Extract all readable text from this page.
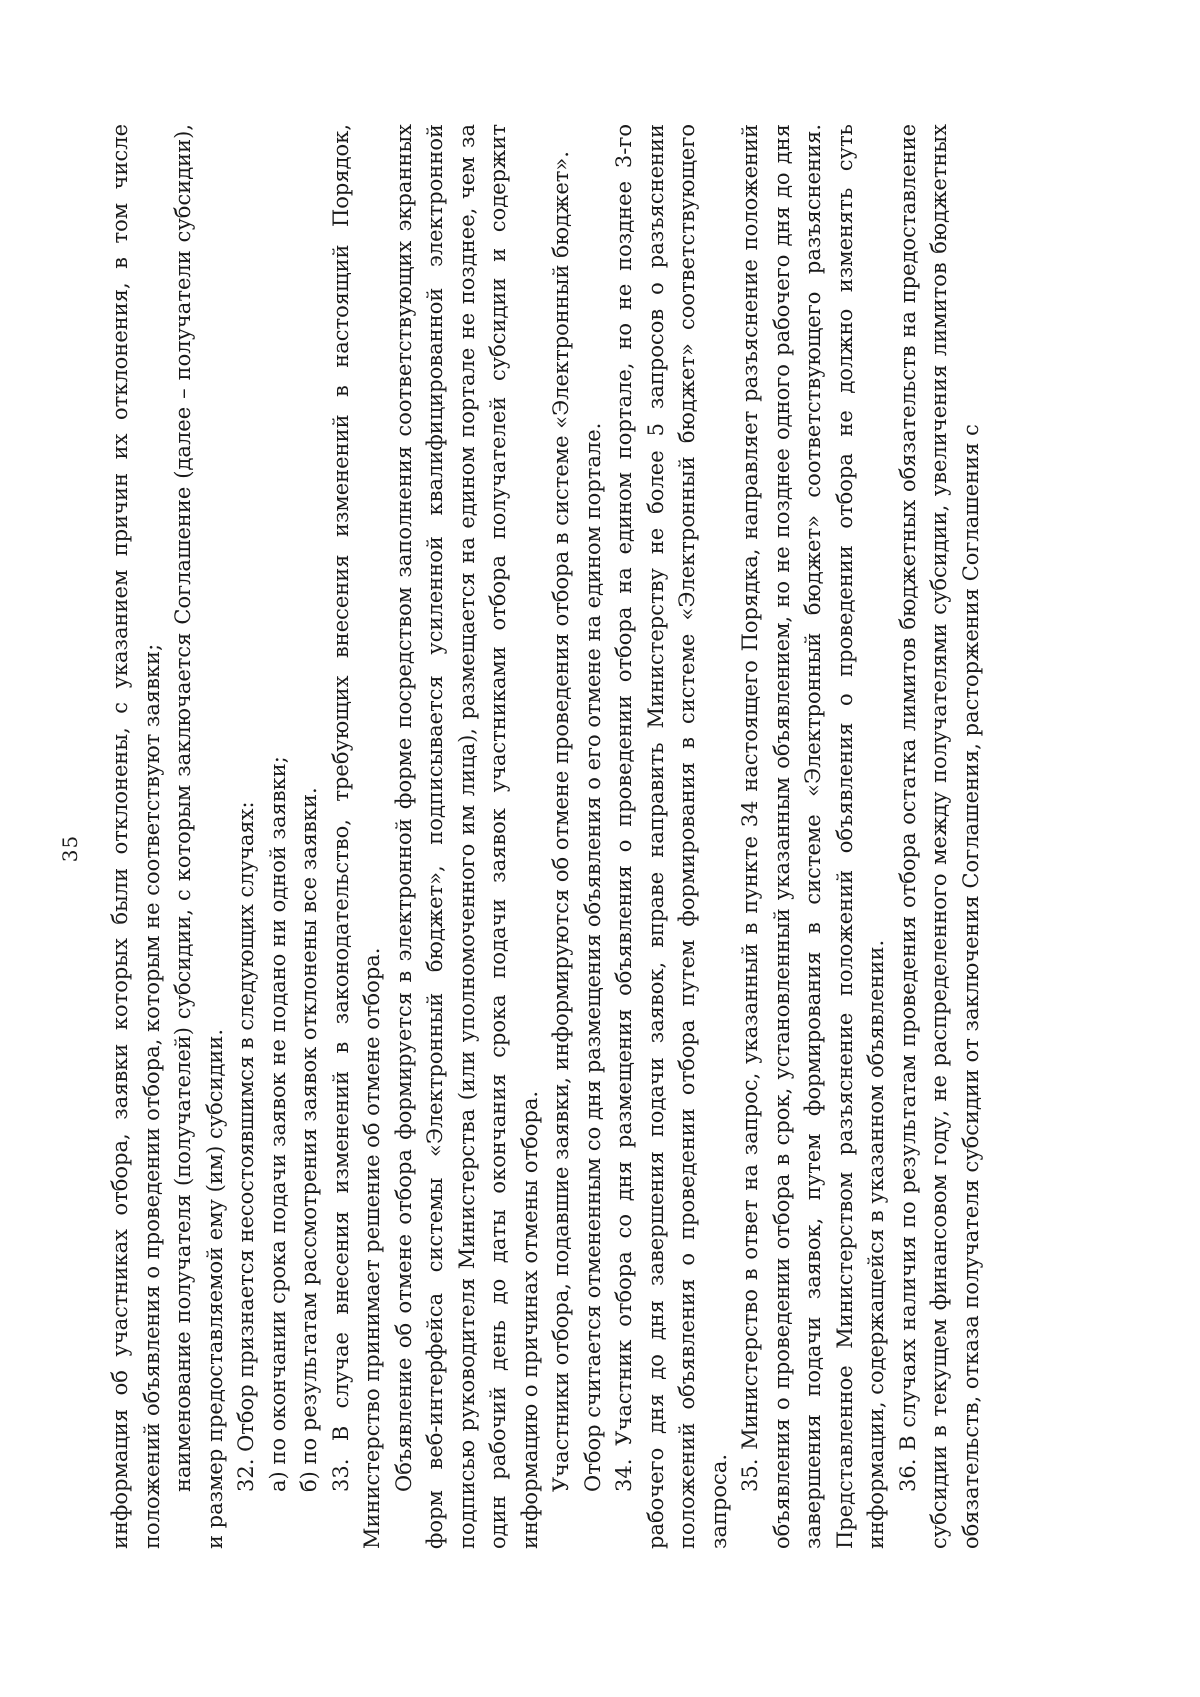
35 информация об участниках отбора, заявки которых были отклонены, с указанием причин их отклонения, в том числе положений объявления о проведении отбора, которым не соответствуют заявки; наименование получателя (получателей) субсидии, с которым заключается Соглашение (далее – получатели субсидии), и размер предоставляемой ему (им) субсидии. 32. Отбор признается несостоявшимся в следующих случаях: а) по окончании срока подачи заявок не подано ни одной заявки; б) по результатам рассмотрения заявок отклонены все заявки. 33. В случае внесения изменений в законодательство, требующих внесения изменений в настоящий Порядок, Министерство принимает решение об отмене отбора. Объявление об отмене отбора формируется в электронной форме посредством заполнения соответствующих экранных форм веб-интерфейса системы «Электронный бюджет», подписывается усиленной квалифицированной электронной подписью руководителя Министерства (или уполномоченного им лица), размещается на едином портале не позднее, чем за один рабочий день до даты окончания срока подачи заявок участниками отбора получателей субсидии и содержит информацию о причинах отмены отбора. Участники отбора, подавшие заявки, информируются об отмене проведения отбора в системе «Электронный бюджет». Отбор считается отмененным со дня размещения объявления о его отмене на едином портале. 34. Участник отбора со дня размещения объявления о проведении отбора на едином портале, но не позднее 3-го рабочего дня до дня завершения подачи заявок, вправе направить Министерству не более 5 запросов о разъяснении положений объявления о проведении отбора путем формирования в системе «Электронный бюджет» соответствующего запроса.

35. Министерство в ответ на запрос, указанный в пункте 34 настоящего Порядка, направляет разъяснение положений объявления о проведении отбора в срок, установленный указанным объявлением, но не позднее одного рабочего дня до дня завершения подачи заявок, путем формирования в системе «Электронный бюджет» соответствующего разъяснения. Представленное Министерством разъяснение положений объявления о проведении отбора не должно изменять суть информации, содержащейся в указанном объявлении. 36. В случаях наличия по результатам проведения отбора остатка лимитов бюджетных обязательств на предоставление субсидии в текущем финансовом году, не распределенного между получателями субсидии, увеличения лимитов бюджетных обязательств, отказа получателя субсидии от заключения Соглашения, расторжения Соглашения с
